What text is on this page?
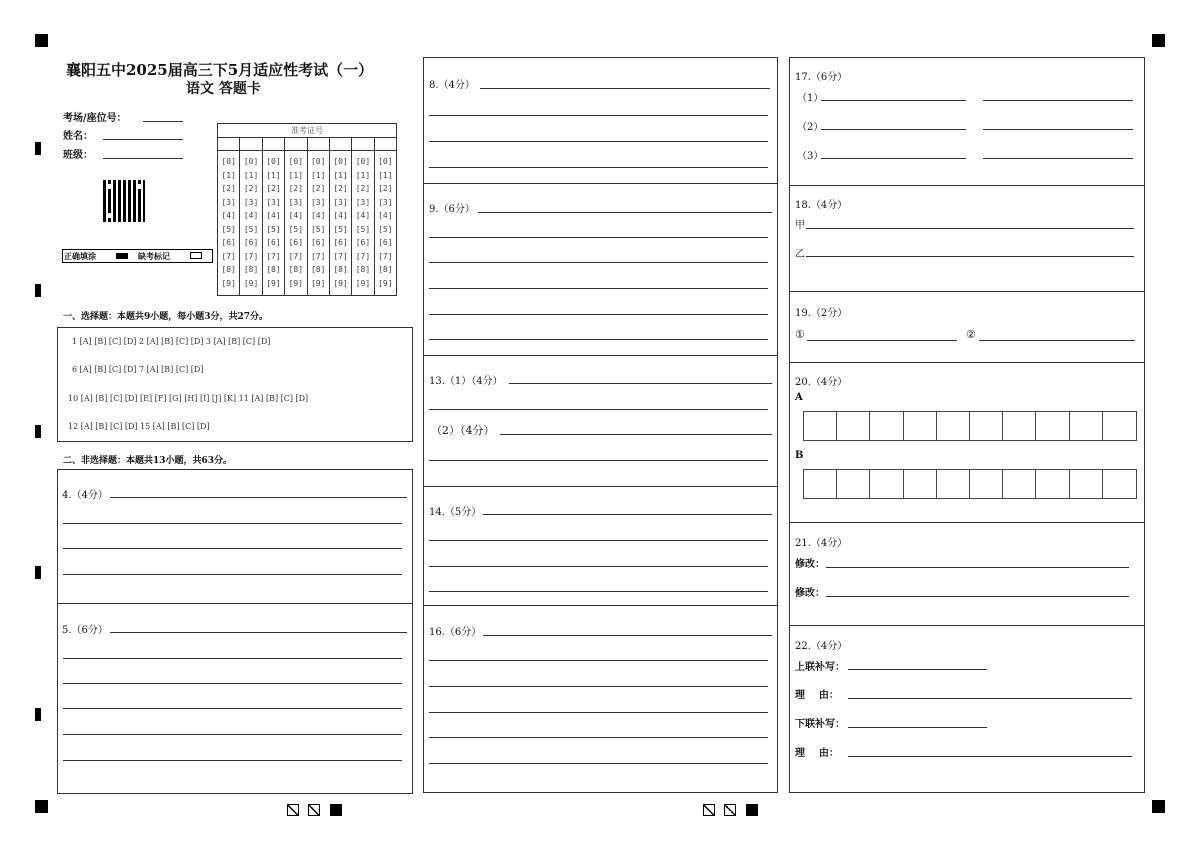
襄阳五中2025届高三下5月适应性考试（一）
语文 答题卡
考场/座位号：
姓名：
班级：
正确填涂	缺考标记
准考证号
[0]
[1]
[2]
[3]
[4]
[5]
[6]
[7]
[8]
[9]
[0]
[1]
[2]
[3]
[4]
[5]
[6]
[7]
[8]
[9]
[0]
[1]
[2]
[3]
[4]
[5]
[6]
[7]
[8]
[9]
[0]
[1]
[2]
[3]
[4]
[5]
[6]
[7]
[8]
[9]
[0]
[1]
[2]
[3]
[4]
[5]
[6]
[7]
[8]
[9]
[0]
[1]
[2]
[3]
[4]
[5]
[6]
[7]
[8]
[9]
[0]
[1]
[2]
[3]
[4]
[5]
[6]
[7]
[8]
[9]
[0]
[1]
[2]
[3]
[4]
[5]
[6]
[7]
[8]
[9]
一、选择题：本题共9小题，每小题3分，共27分。
1 [A] [B] [C] [D] 2 [A] [B] [C] [D] 3 [A] [B] [C] [D]
6 [A] [B] [C] [D] 7 [A] [B] [C] [D]
10 [A] [B] [C] [D] [E] [F] [G] [H] [I] [J] [K] 11 [A] [B] [C] [D]
12 [A] [B] [C] [D] 15 [A] [B] [C] [D]
二、非选择题：本题共13小题，共63分。
4.（4分）
5.（6分）
8.（4分）
9.（6分）
13.（1）（4分）
（2）（4分）
14.（5分）
16.（6分）
17.（6分）
（1）
（2）
（3）
18.（4分）
甲
乙
19.（2分）
①	②
20.（4分）
A
B
21.（4分）
修改：
修改：
22.（4分）
上联补写：
理    由：
下联补写：
理    由：
